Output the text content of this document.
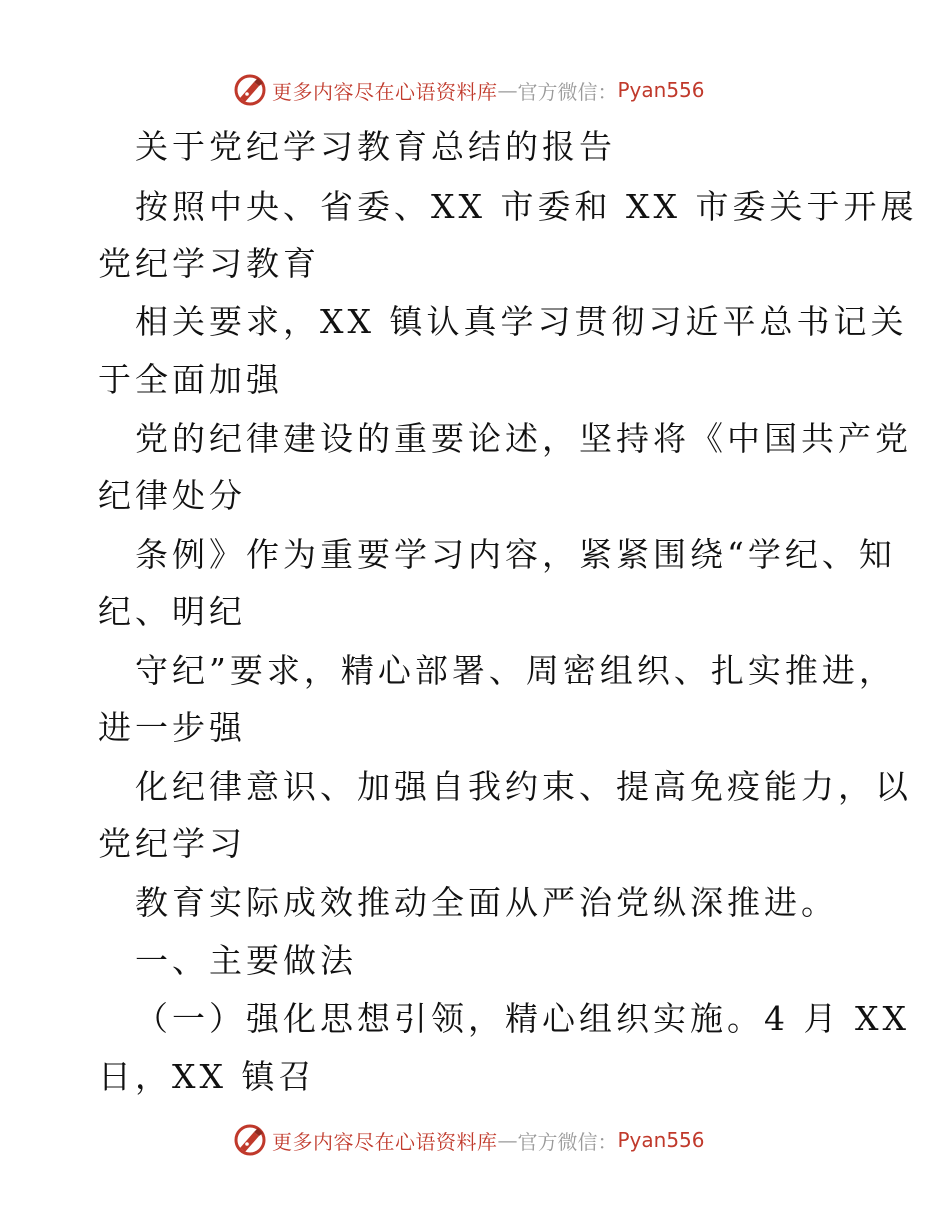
更多内容尽在心语资料库 — 官方微信： Pyan556
关于党纪学习教育总结的报告
按照中央、省委、XX 市委和 XX 市委关于开展
党纪学习教育
相关要求，XX 镇认真学习贯彻习近平总书记关
于全面加强
党的纪律建设的重要论述，坚持将《中国共产党
纪律处分
条例》作为重要学习内容，紧紧围绕“学纪、知
纪、明纪
守纪”要求，精心部署、周密组织、扎实推进，
进一步强
化纪律意识、加强自我约束、提高免疫能力，以
党纪学习
教育实际成效推动全面从严治党纵深推进。
一、主要做法
（一）强化思想引领，精心组织实施。4 月 XX
日，XX 镇召
更多内容尽在心语资料库 — 官方微信： Pyan556
